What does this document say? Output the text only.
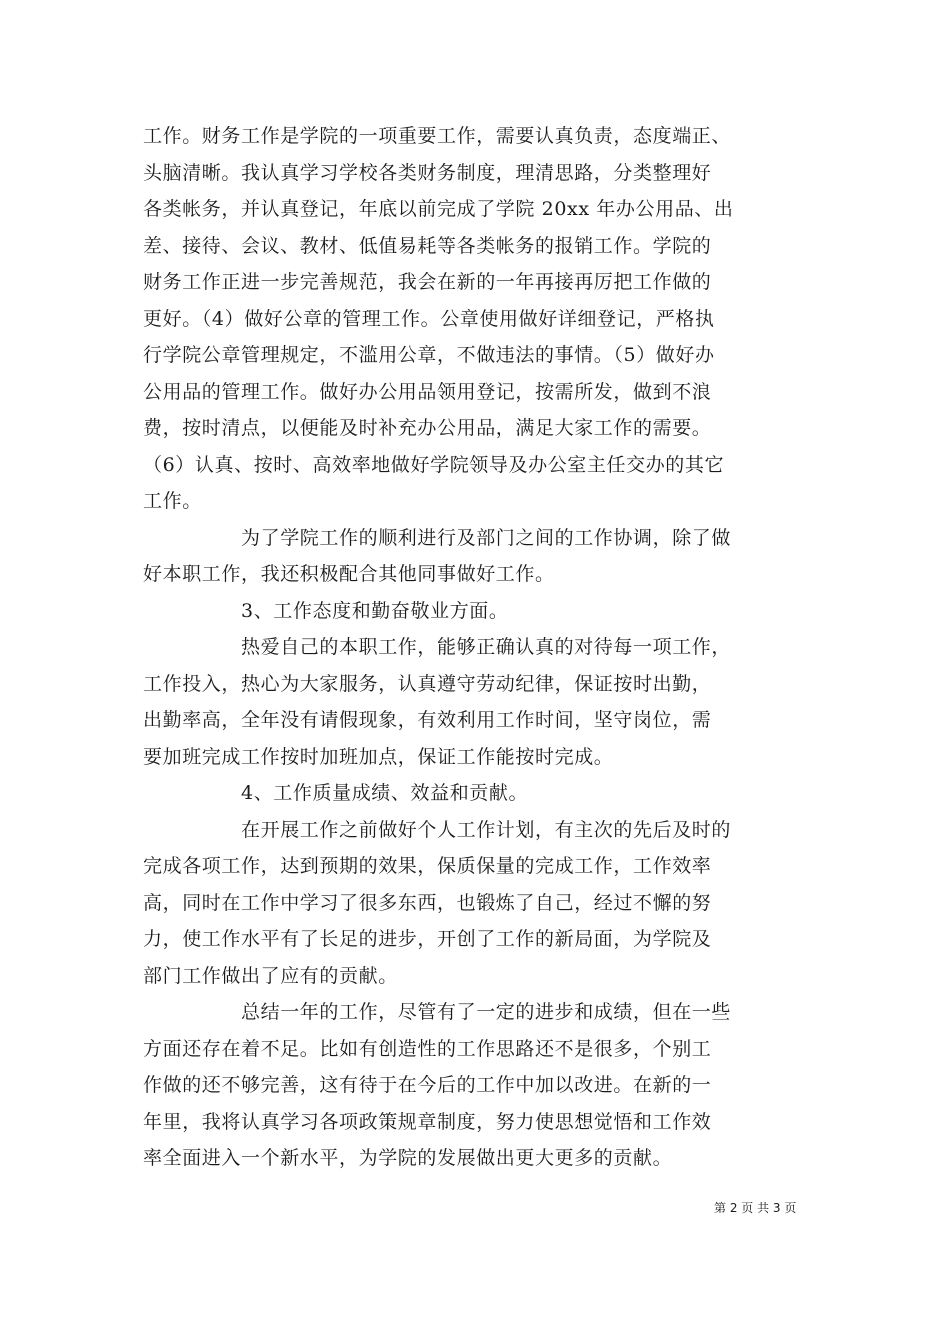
工作。财务工作是学院的一项重要工作，需要认真负责，态度端正、
头脑清晰。我认真学习学校各类财务制度，理清思路，分类整理好
各类帐务，并认真登记，年底以前完成了学院 20xx 年办公用品、出
差、接待、会议、教材、低值易耗等各类帐务的报销工作。学院的
财务工作正进一步完善规范，我会在新的一年再接再厉把工作做的
更好。（4）做好公章的管理工作。公章使用做好详细登记，严格执
行学院公章管理规定，不滥用公章，不做违法的事情。（5）做好办
公用品的管理工作。做好办公用品领用登记，按需所发，做到不浪
费，按时清点，以便能及时补充办公用品，满足大家工作的需要。
（6）认真、按时、高效率地做好学院领导及办公室主任交办的其它
工作。
为了学院工作的顺利进行及部门之间的工作协调，除了做
好本职工作，我还积极配合其他同事做好工作。
3、工作态度和勤奋敬业方面。
热爱自己的本职工作，能够正确认真的对待每一项工作，
工作投入，热心为大家服务，认真遵守劳动纪律，保证按时出勤，
出勤率高，全年没有请假现象，有效利用工作时间，坚守岗位，需
要加班完成工作按时加班加点，保证工作能按时完成。
4、工作质量成绩、效益和贡献。
在开展工作之前做好个人工作计划，有主次的先后及时的
完成各项工作，达到预期的效果，保质保量的完成工作，工作效率
高，同时在工作中学习了很多东西，也锻炼了自己，经过不懈的努
力，使工作水平有了长足的进步，开创了工作的新局面，为学院及
部门工作做出了应有的贡献。
总结一年的工作，尽管有了一定的进步和成绩，但在一些
方面还存在着不足。比如有创造性的工作思路还不是很多，个别工
作做的还不够完善，这有待于在今后的工作中加以改进。在新的一
年里，我将认真学习各项政策规章制度，努力使思想觉悟和工作效
率全面进入一个新水平，为学院的发展做出更大更多的贡献。
第 2 页 共 3 页
